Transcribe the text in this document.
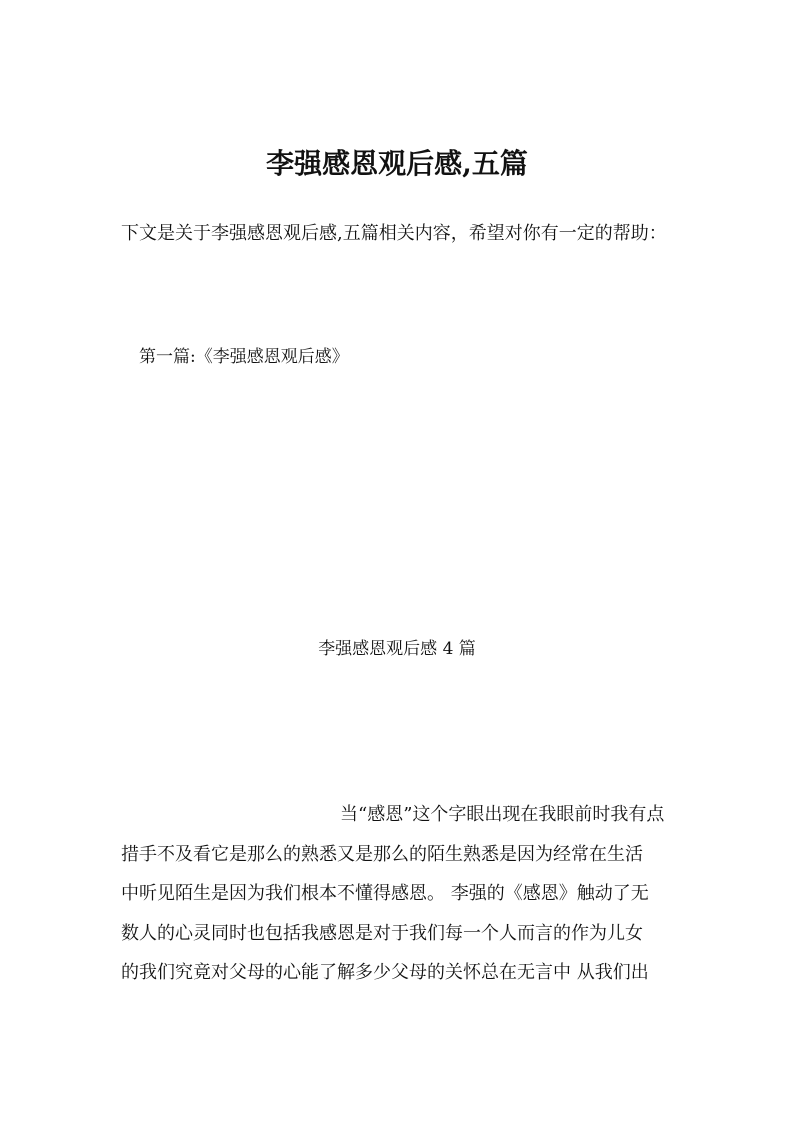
李强感恩观后感,五篇

下文是关于李强感恩观后感,五篇相关内容，希望对你有一定的帮助：

第一篇:《李强感恩观后感》

李强感恩观后感 4 篇

当“感恩”这个字眼出现在我眼前时我有点
措手不及看它是那么的熟悉又是那么的陌生熟悉是因为经常在生活
中听见陌生是因为我们根本不懂得感恩。 李强的《感恩》触动了无
数人的心灵同时也包括我感恩是对于我们每一个人而言的作为儿女
的我们究竟对父母的心能了解多少父母的关怀总在无言中 从我们出
